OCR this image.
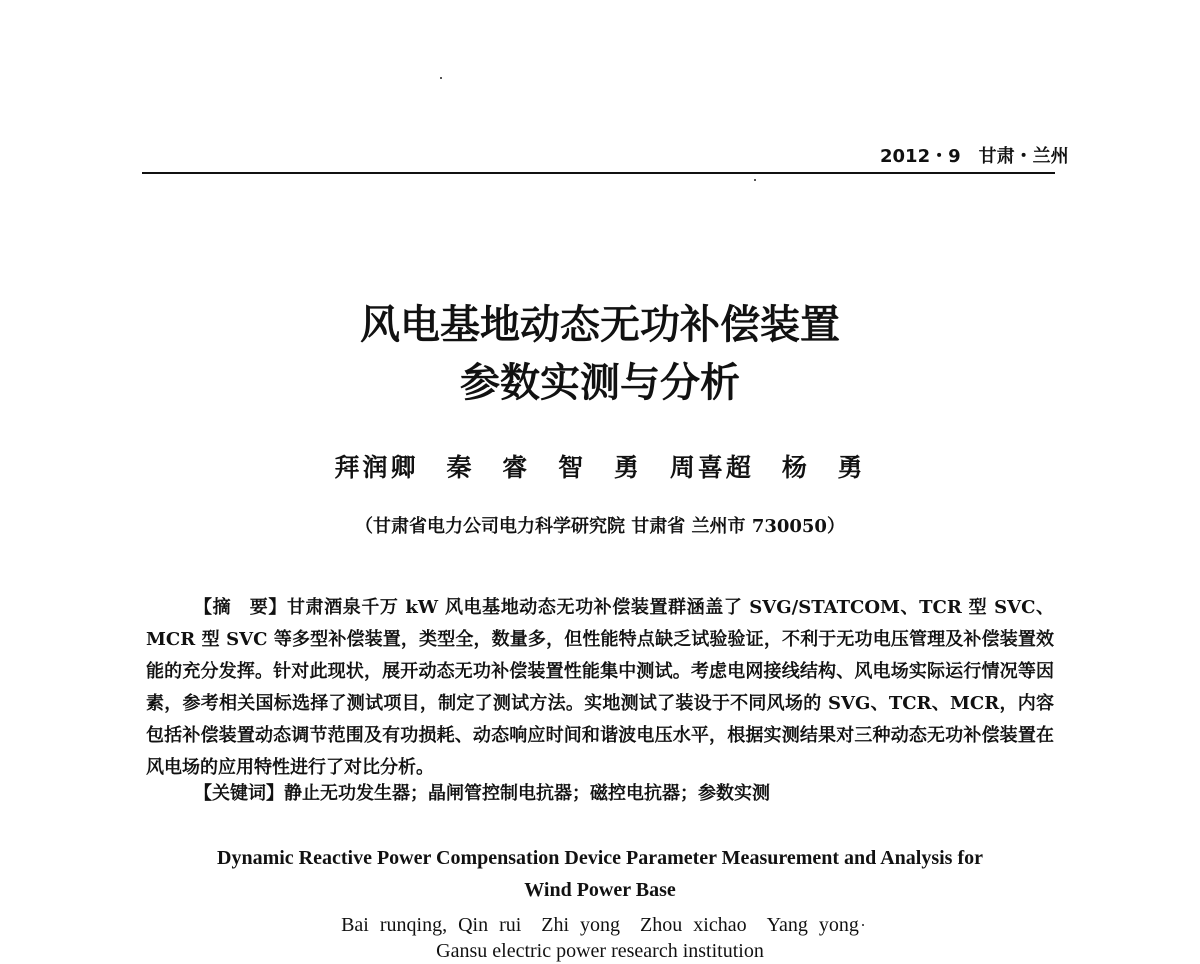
2012・9　甘肃・兰州
风电基地动态无功补偿装置
参数实测与分析
拜润卿　秦 睿　智 勇　周喜超　杨 勇
（甘肃省电力公司电力科学研究院 甘肃省 兰州市 730050）
【摘　要】甘肃酒泉千万 kW 风电基地动态无功补偿装置群涵盖了 SVG/STATCOM、TCR 型 SVC、MCR 型 SVC 等多型补偿装置，类型全，数量多，但性能特点缺乏试验验证，不利于无功电压管理及补偿装置效能的充分发挥。针对此现状，展开动态无功补偿装置性能集中测试。考虑电网接线结构、风电场实际运行情况等因素，参考相关国标选择了测试项目，制定了测试方法。实地测试了装设于不同风场的 SVG、TCR、MCR，内容包括补偿装置动态调节范围及有功损耗、动态响应时间和谐波电压水平，根据实测结果对三种动态无功补偿装置在风电场的应用特性进行了对比分析。
【关键词】静止无功发生器；晶闸管控制电抗器；磁控电抗器；参数实测
Dynamic Reactive Power Compensation Device Parameter Measurement and Analysis for
Wind Power Base
Bai runqing, Qin rui　Zhi yong　Zhou xichao　Yang yong
Gansu electric power research institution
